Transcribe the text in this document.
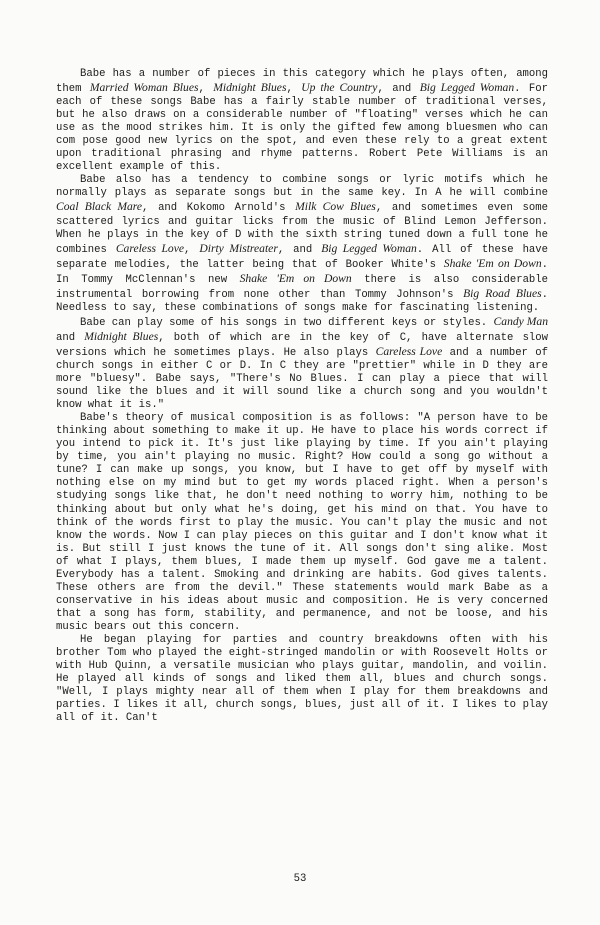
Babe has a number of pieces in this category which he plays often, among them Married Woman Blues, Midnight Blues, Up the Country, and Big Legged Woman. For each of these songs Babe has a fairly stable number of traditional verses, but he also draws on a considerable number of "floating" verses which he can use as the mood strikes him. It is only the gifted few among bluesmen who can com pose good new lyrics on the spot, and even these rely to a great extent upon traditional phrasing and rhyme patterns. Robert Pete Williams is an excellent example of this.

Babe also has a tendency to combine songs or lyric motifs which he normally plays as separate songs but in the same key. In A he will combine Coal Black Mare, and Kokomo Arnold's Milk Cow Blues, and sometimes even some scattered lyrics and guitar licks from the music of Blind Lemon Jefferson. When he plays in the key of D with the sixth string tuned down a full tone he combines Careless Love, Dirty Mistreater, and Big Legged Woman. All of these have separate melodies, the latter being that of Booker White's Shake 'Em on Down. In Tommy McClennan's new Shake 'Em on Down there is also considerable instrumental borrowing from none other than Tommy Johnson's Big Road Blues. Needless to say, these combinations of songs make for fascinating listening.

Babe can play some of his songs in two different keys or styles. Candy Man and Midnight Blues, both of which are in the key of C, have alternate slow versions which he sometimes plays. He also plays Careless Love and a number of church songs in either C or D. In C they are "prettier" while in D they are more "bluesy". Babe says, "There's No Blues. I can play a piece that will sound like the blues and it will sound like a church song and you wouldn't know what it is."

Babe's theory of musical composition is as follows: "A person have to be thinking about something to make it up. He have to place his words correct if you intend to pick it. It's just like playing by time. If you ain't playing by time, you ain't playing no music. Right? How could a song go without a tune? I can make up songs, you know, but I have to get off by myself with nothing else on my mind but to get my words placed right. When a person's studying songs like that, he don't need nothing to worry him, nothing to be thinking about but only what he's doing, get his mind on that. You have to think of the words first to play the music. You can't play the music and not know the words. Now I can play pieces on this guitar and I don't know what it is. But still I just knows the tune of it. All songs don't sing alike. Most of what I plays, them blues, I made them up myself. God gave me a talent. Everybody has a talent. Smoking and drinking are habits. God gives talents. These others are from the devil." These statements would mark Babe as a conservative in his ideas about music and composition. He is very concerned that a song has form, stability, and permanence, and not be loose, and his music bears out this concern.

He began playing for parties and country breakdowns often with his brother Tom who played the eight-stringed mandolin or with Roosevelt Holts or with Hub Quinn, a versatile musician who plays guitar, mandolin, and voilin. He played all kinds of songs and liked them all, blues and church songs. "Well, I plays mighty near all of them when I play for them breakdowns and parties. I likes it all, church songs, blues, just all of it. I likes to play all of it. Can't

53
